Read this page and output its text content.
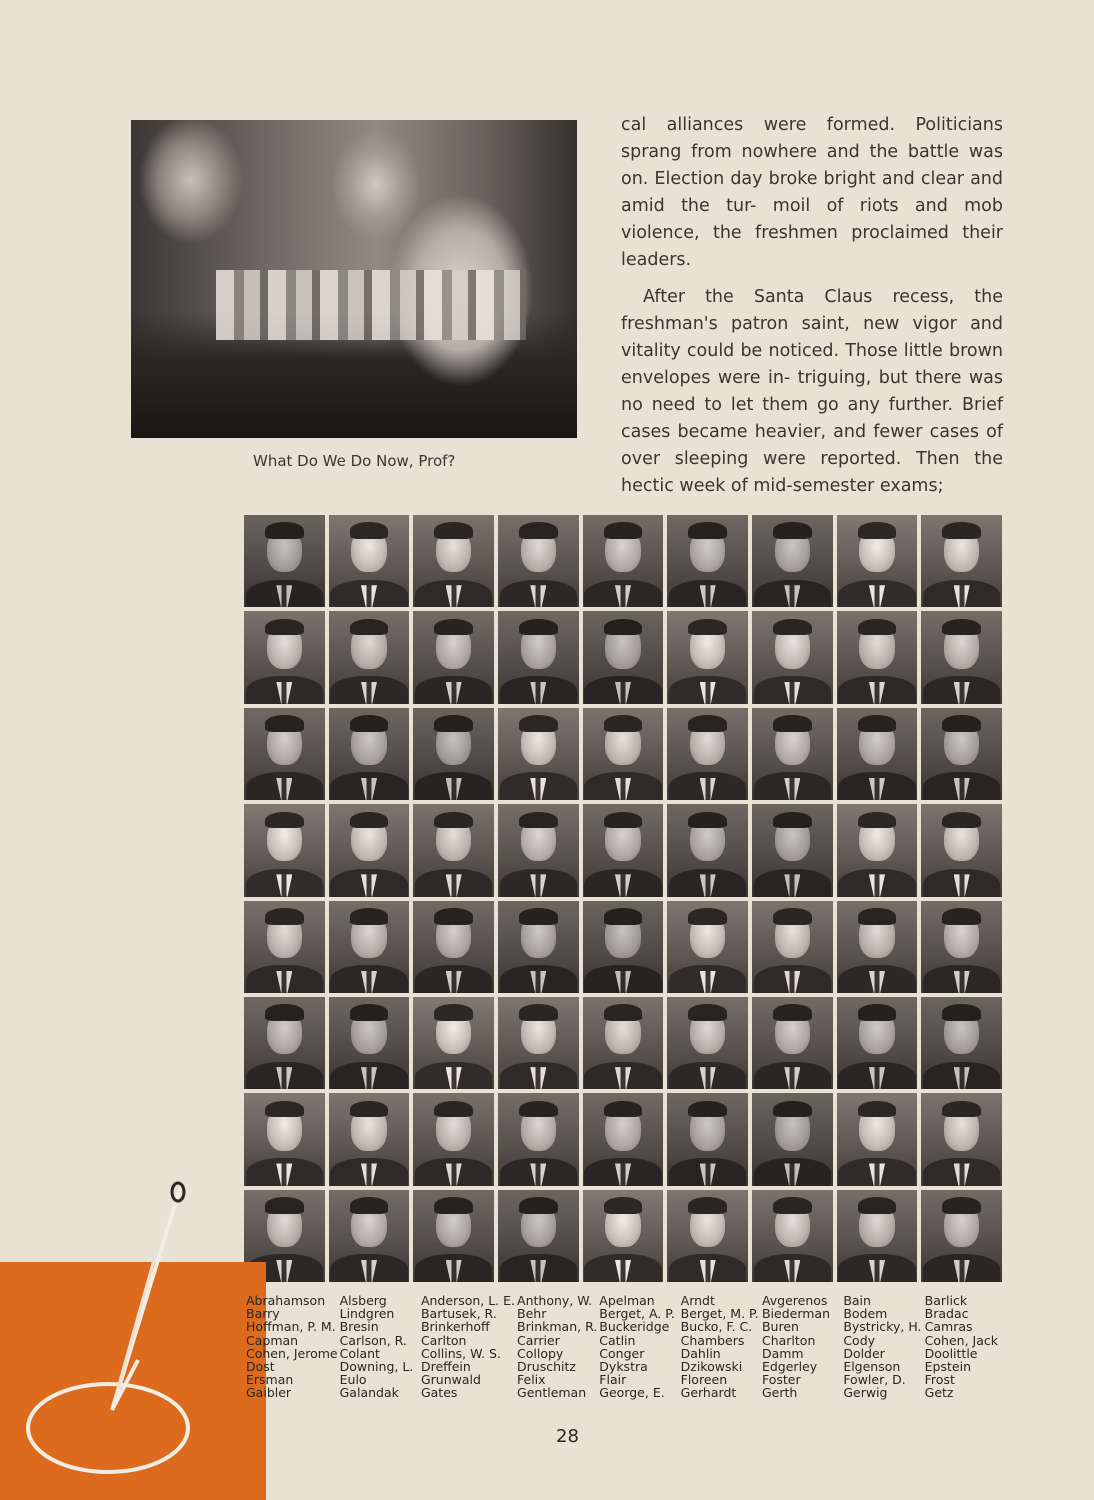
What Do We Do Now, Prof?

cal alliances were formed. Politicians sprang from nowhere and the battle was on. Election day broke bright and clear and amid the tur- moil of riots and mob violence, the freshmen proclaimed their leaders.

After the Santa Claus recess, the freshman's patron saint, new vigor and vitality could be noticed. Those little brown envelopes were in- triguing, but there was no need to let them go any further. Brief cases became heavier, and fewer cases of over sleeping were reported. Then the hectic week of mid-semester exams;

Abrahamson
Barry
Hoffman, P. M.
Capman
Cohen, Jerome
Dost
Ersman
Gaibler
Alsberg
Lindgren
Bresin
Carlson, R.
Colant
Downing, L.
Eulo
Galandak
Anderson, L. E.
Bartusek, R.
Brinkerhoff
Carlton
Collins, W. S.
Dreffein
Grunwald
Gates
Anthony, W.
Behr
Brinkman, R.
Carrier
Collopy
Druschitz
Felix
Gentleman
Apelman
Berget, A. P.
Buckeridge
Catlin
Conger
Dykstra
Flair
George, E.
Arndt
Berget, M. P.
Bucko, F. C.
Chambers
Dahlin
Dzikowski
Floreen
Gerhardt
Avgerenos
Biederman
Buren
Charlton
Damm
Edgerley
Foster
Gerth
Bain
Bodem
Bystricky, H.
Cody
Dolder
Elgenson
Fowler, D.
Gerwig
Barlick
Bradac
Camras
Cohen, Jack
Doolittle
Epstein
Frost
Getz
28
